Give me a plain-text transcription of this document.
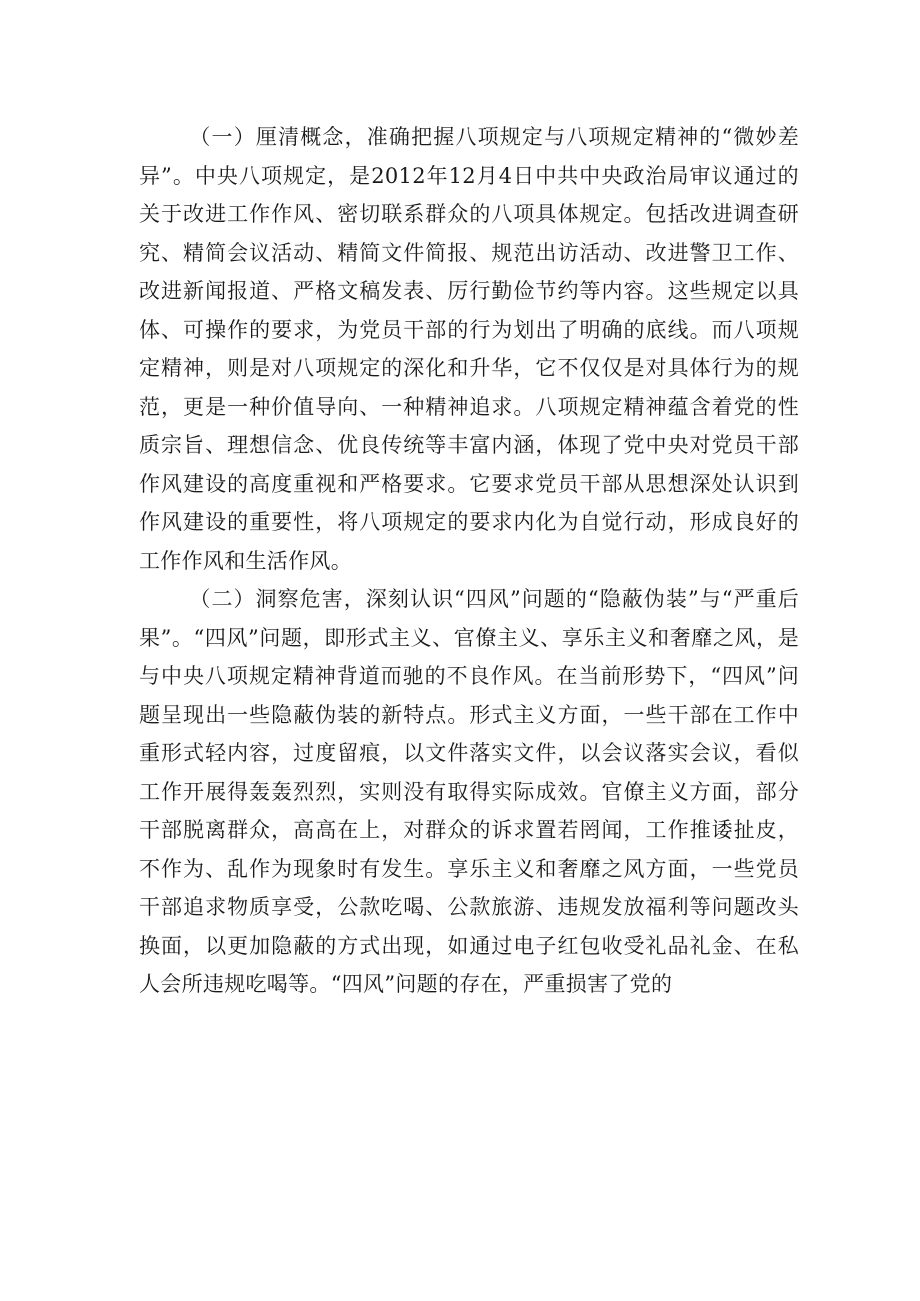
（一）厘清概念，准确把握八项规定与八项规定精神的“微妙差异”。中央八项规定，是2012年12月4日中共中央政治局审议通过的关于改进工作作风、密切联系群众的八项具体规定。包括改进调查研究、精简会议活动、精简文件简报、规范出访活动、改进警卫工作、改进新闻报道、严格文稿发表、厉行勤俭节约等内容。这些规定以具体、可操作的要求，为党员干部的行为划出了明确的底线。而八项规定精神，则是对八项规定的深化和升华，它不仅仅是对具体行为的规范，更是一种价值导向、一种精神追求。八项规定精神蕴含着党的性质宗旨、理想信念、优良传统等丰富内涵，体现了党中央对党员干部作风建设的高度重视和严格要求。它要求党员干部从思想深处认识到作风建设的重要性，将八项规定的要求内化为自觉行动，形成良好的工作作风和生活作风。

（二）洞察危害，深刻认识“四风”问题的“隐蔽伪装”与“严重后果”。“四风”问题，即形式主义、官僚主义、享乐主义和奢靡之风，是与中央八项规定精神背道而驰的不良作风。在当前形势下，“四风”问题呈现出一些隐蔽伪装的新特点。形式主义方面，一些干部在工作中重形式轻内容，过度留痕，以文件落实文件，以会议落实会议，看似工作开展得轰轰烈烈，实则没有取得实际成效。官僚主义方面，部分干部脱离群众，高高在上，对群众的诉求置若罔闻，工作推诿扯皮，不作为、乱作为现象时有发生。享乐主义和奢靡之风方面，一些党员干部追求物质享受，公款吃喝、公款旅游、违规发放福利等问题改头换面，以更加隐蔽的方式出现，如通过电子红包收受礼品礼金、在私人会所违规吃喝等。“四风”问题的存在，严重损害了党的
